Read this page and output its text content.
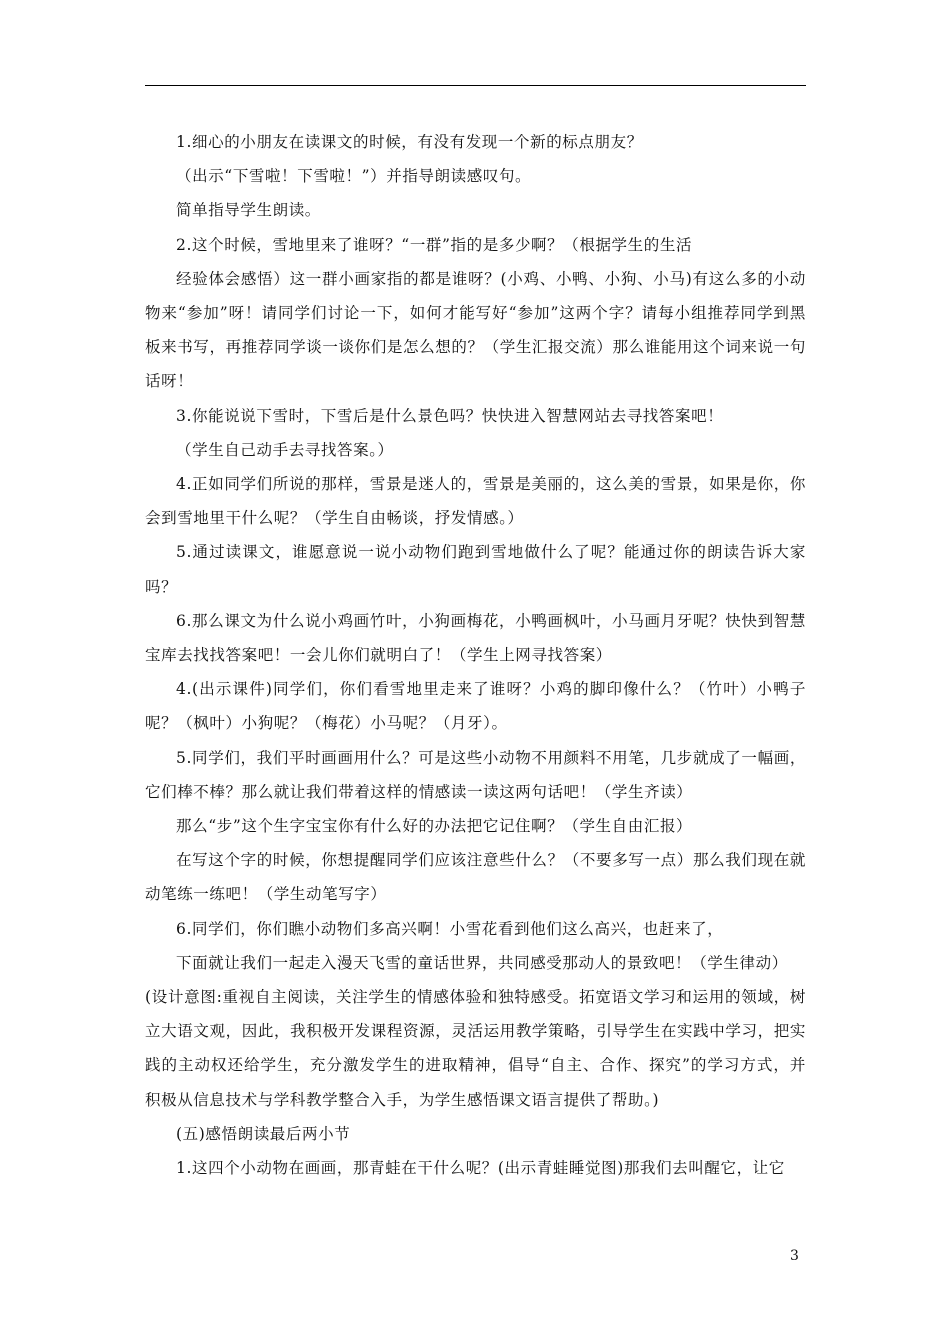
1.细心的小朋友在读课文的时候，有没有发现一个新的标点朋友？

（出示“下雪啦！下雪啦！”）并指导朗读感叹句。

简单指导学生朗读。

2.这个时候，雪地里来了谁呀？“一群”指的是多少啊？（根据学生的生活

经验体会感悟）这一群小画家指的都是谁呀？(小鸡、小鸭、小狗、小马)有这么多的小动物来“参加”呀！请同学们讨论一下，如何才能写好“参加”这两个字？请每小组推荐同学到黑板来书写，再推荐同学谈一谈你们是怎么想的？（学生汇报交流）那么谁能用这个词来说一句话呀！

3.你能说说下雪时，下雪后是什么景色吗？快快进入智慧网站去寻找答案吧！

（学生自己动手去寻找答案。）

4.正如同学们所说的那样，雪景是迷人的，雪景是美丽的，这么美的雪景，如果是你，你会到雪地里干什么呢？（学生自由畅谈，抒发情感。）

5.通过读课文，谁愿意说一说小动物们跑到雪地做什么了呢？能通过你的朗读告诉大家吗？

6.那么课文为什么说小鸡画竹叶，小狗画梅花，小鸭画枫叶，小马画月牙呢？快快到智慧宝库去找找答案吧！一会儿你们就明白了！（学生上网寻找答案）

4.(出示课件)同学们，你们看雪地里走来了谁呀？小鸡的脚印像什么？（竹叶）小鸭子呢？（枫叶）小狗呢？（梅花）小马呢？（月牙）。

5.同学们，我们平时画画用什么？可是这些小动物不用颜料不用笔，几步就成了一幅画，它们棒不棒？那么就让我们带着这样的情感读一读这两句话吧！（学生齐读）

那么“步”这个生字宝宝你有什么好的办法把它记住啊？（学生自由汇报）

在写这个字的时候，你想提醒同学们应该注意些什么？（不要多写一点）那么我们现在就动笔练一练吧！（学生动笔写字）

6.同学们，你们瞧小动物们多高兴啊！小雪花看到他们这么高兴，也赶来了，

下面就让我们一起走入漫天飞雪的童话世界，共同感受那动人的景致吧！（学生律动）

(设计意图:重视自主阅读，关注学生的情感体验和独特感受。拓宽语文学习和运用的领域，树立大语文观，因此，我积极开发课程资源，灵活运用教学策略，引导学生在实践中学习，把实践的主动权还给学生，充分激发学生的进取精神，倡导“自主、合作、探究”的学习方式，并积极从信息技术与学科教学整合入手，为学生感悟课文语言提供了帮助。)

(五)感悟朗读最后两小节

1.这四个小动物在画画，那青蛙在干什么呢？(出示青蛙睡觉图)那我们去叫醒它，让它

3
